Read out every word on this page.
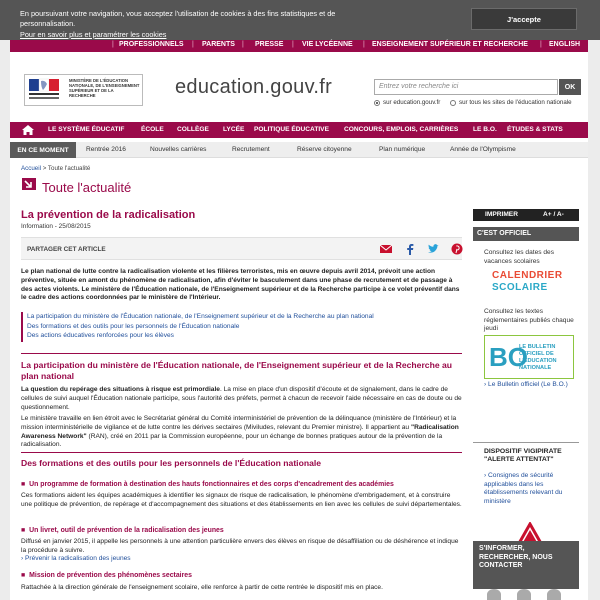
En poursuivant votre navigation, vous acceptez l'utilisation de cookies à des fins statistiques et de personnalisation.
Pour en savoir plus et paramétrer les cookies
J'accepte
| PROFESSIONNELS | PARENTS | PRESSE | VIE LYCÉENNE | ENSEIGNEMENT SUPÉRIEUR ET RECHERCHE | ENGLISH
MINISTÈRE DE L'ÉDUCATION NATIONALE, DE L'ENSEIGNEMENT SUPÉRIEUR ET DE LA RECHERCHE	education.gouv.fr	Entrez votre recherche ici	OK
sur education.gouv.fr	sur tous les sites de l'éducation nationale
LE SYSTÈME ÉDUCATIF	ÉCOLE COLLÈGE LYCÉE POLITIQUE ÉDUCATIVE CONCOURS, EMPLOIS, CARRIÈRES LE B.O. ÉTUDES & STATS
EN CE MOMENT	Rentrée 2016	Nouvelles carrières	Recrutement	Réserve citoyenne	Plan numérique	Année de l'Olympisme
Accueil > Toute l'actualité
Toute l'actualité
La prévention de la radicalisation
Information - 25/08/2015
PARTAGER CET ARTICLE
Le plan national de lutte contre la radicalisation violente et les filières terroristes, mis en œuvre depuis avril 2014, prévoit une action préventive, située en amont du phénomène de radicalisation, afin d'éviter le basculement dans une phase de recrutement et de passage à des actes violents. Le ministère de l'Éducation nationale, de l'Enseignement supérieur et de la Recherche participe à ce volet préventif dans le cadre des actions coordonnées par le ministère de l'Intérieur.
La participation du ministère de l'Éducation nationale, de l'Enseignement supérieur et de la Recherche au plan national
Des formations et des outils pour les personnels de l'Éducation nationale
Des actions éducatives renforcées pour les élèves
La participation du ministère de l'Éducation nationale, de l'Enseignement supérieur et de la Recherche au plan national
La question du repérage des situations à risque est primordiale. La mise en place d'un dispositif d'écoute et de signalement, dans le cadre de cellules de suivi auquel l'Éducation nationale participe, sous l'autorité des préfets, permet à chacun de recevoir l'aide nécessaire en cas de doute ou de questionnement.
Le ministère travaille en lien étroit avec le Secrétariat général du Comité interministériel de prévention de la délinquance (ministère de l'Intérieur) et la mission interministérielle de vigilance et de lutte contre les dérives sectaires (Miviludes, relevant du Premier ministre). Il appartient au "Radicalisation Awareness Network" (RAN), créé en 2011 par la Commission européenne, pour un échange de bonnes pratiques autour de la prévention de la radicalisation.
Des formations et des outils pour les personnels de l'Éducation nationale
■ Un programme de formation à destination des hauts fonctionnaires et des corps d'encadrement des académies
Ces formations aident les équipes académiques à identifier les signaux de risque de radicalisation, le phénomène d'embrigadement, et à construire une politique de prévention, de repérage et d'accompagnement des situations et des établissements en lien avec les cellules de suivi départementales.
■ Un livret, outil de prévention de la radicalisation des jeunes
Diffusé en janvier 2015, il appelle les personnels à une attention particulière envers des élèves en risque de désaffiliation ou de déshérence et indique la procédure à suivre.
› Prévenir la radicalisation des jeunes
■ Mission de prévention des phénomènes sectaires
Rattachée à la direction générale de l'enseignement scolaire, elle renforce à partir de cette rentrée le dispositif mis en place.
IMPRIMER	A+ / A-
C'EST OFFICIEL
Consultez les dates des vacances scolaires
CALENDRIER
SCOLAIRE
Consultez les textes réglementaires publiés chaque jeudi
BO
LE BULLETIN OFFICIEL DE L'ÉDUCATION NATIONALE
› Le Bulletin officiel (Le B.O.)
DISPOSITIF VIGIPIRATE "ALERTE ATTENTAT"
› Consignes de sécurité applicables dans les établissements relevant du ministère
S'INFORMER, RECHERCHER, NOUS CONTACTER
